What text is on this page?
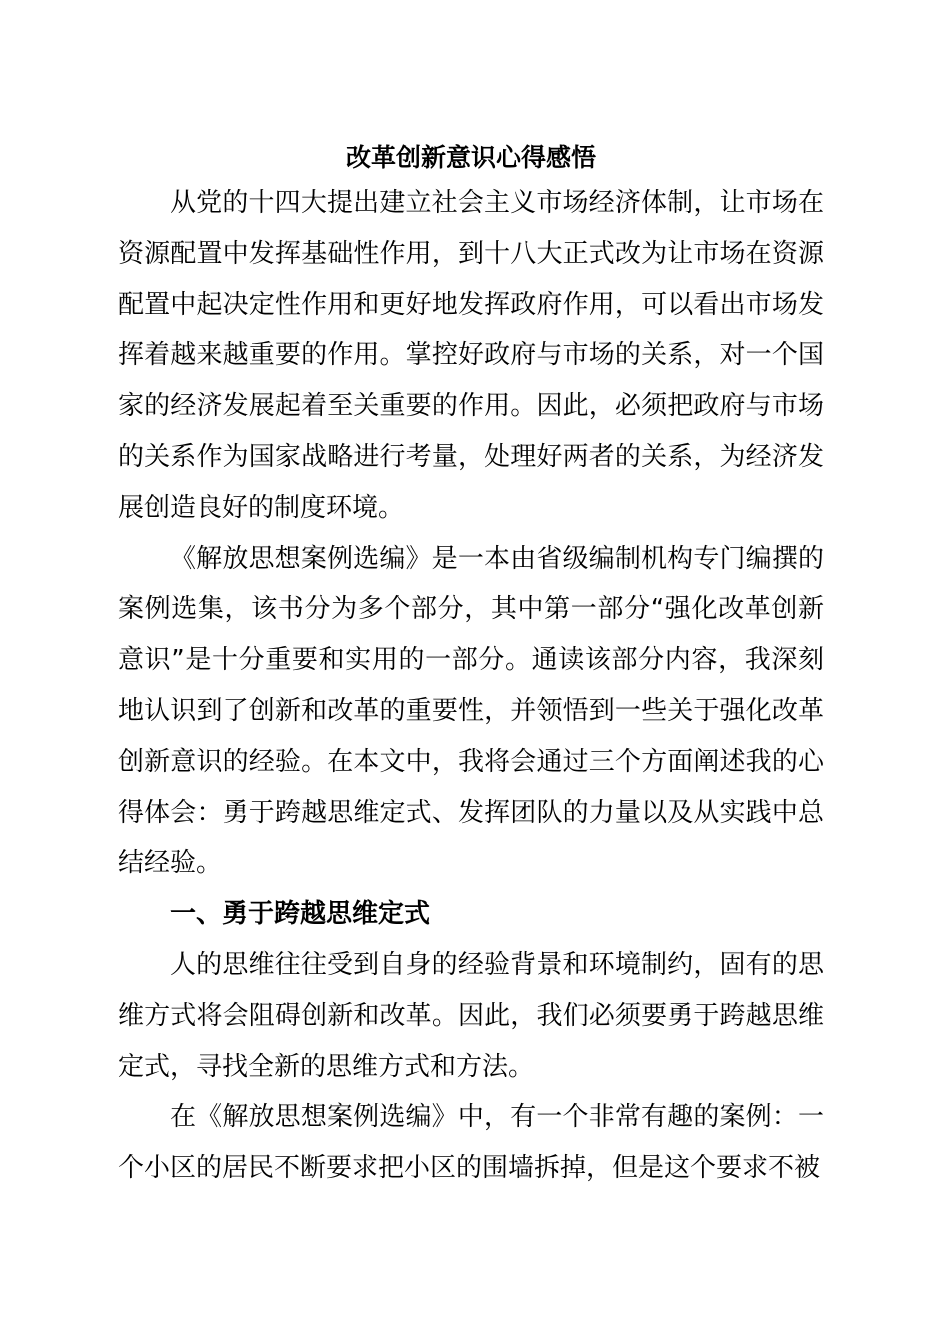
改革创新意识心得感悟

从党的十四大提出建立社会主义市场经济体制，让市场在资源配置中发挥基础性作用，到十八大正式改为让市场在资源配置中起决定性作用和更好地发挥政府作用，可以看出市场发挥着越来越重要的作用。掌控好政府与市场的关系，对一个国家的经济发展起着至关重要的作用。因此，必须把政府与市场的关系作为国家战略进行考量，处理好两者的关系，为经济发展创造良好的制度环境。

《解放思想案例选编》是一本由省级编制机构专门编撰的案例选集，该书分为多个部分，其中第一部分“强化改革创新意识”是十分重要和实用的一部分。通读该部分内容，我深刻地认识到了创新和改革的重要性，并领悟到一些关于强化改革创新意识的经验。在本文中，我将会通过三个方面阐述我的心得体会：勇于跨越思维定式、发挥团队的力量以及从实践中总结经验。

一、勇于跨越思维定式

人的思维往往受到自身的经验背景和环境制约，固有的思维方式将会阻碍创新和改革。因此，我们必须要勇于跨越思维定式，寻找全新的思维方式和方法。

在《解放思想案例选编》中，有一个非常有趣的案例：一个小区的居民不断要求把小区的围墙拆掉，但是这个要求不被
